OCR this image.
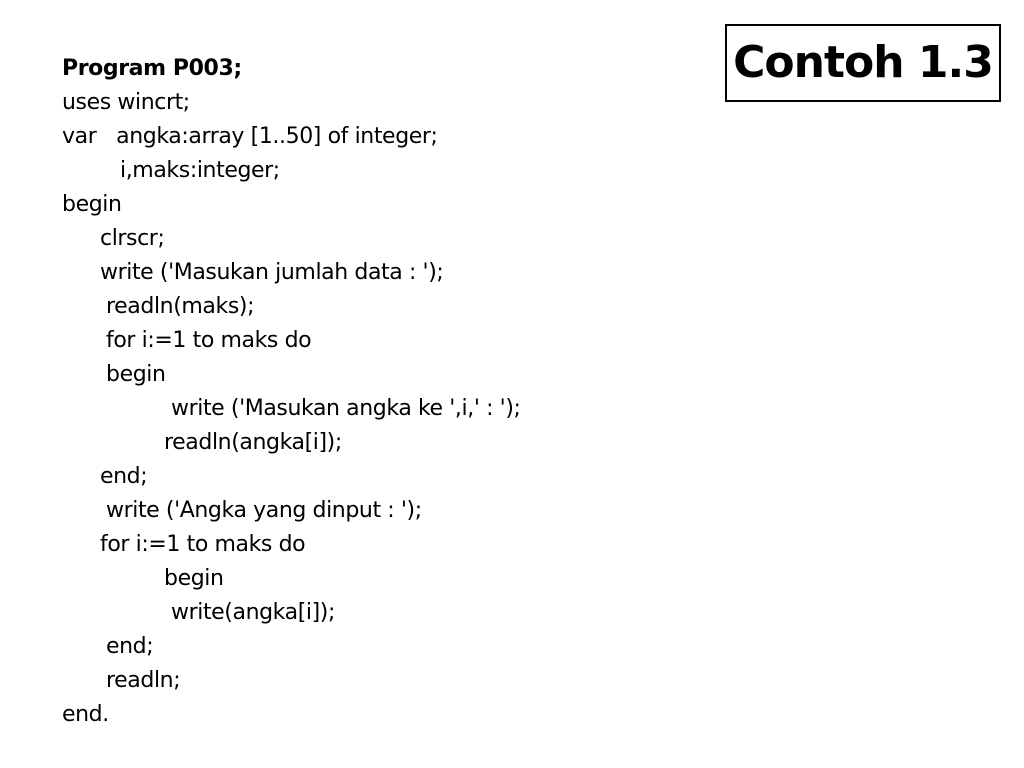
Contoh 1.3
Program P003;
uses wincrt;
var   angka:array [1..50] of integer;
i,maks:integer;
begin
clrscr;
write ('Masukan jumlah data : ');
readln(maks);
for i:=1 to maks do
begin
write ('Masukan angka ke ',i,' : ');
readln(angka[i]);
end;
write ('Angka yang dinput : ');
for i:=1 to maks do
begin
write(angka[i]);
end;
readln;
end.
